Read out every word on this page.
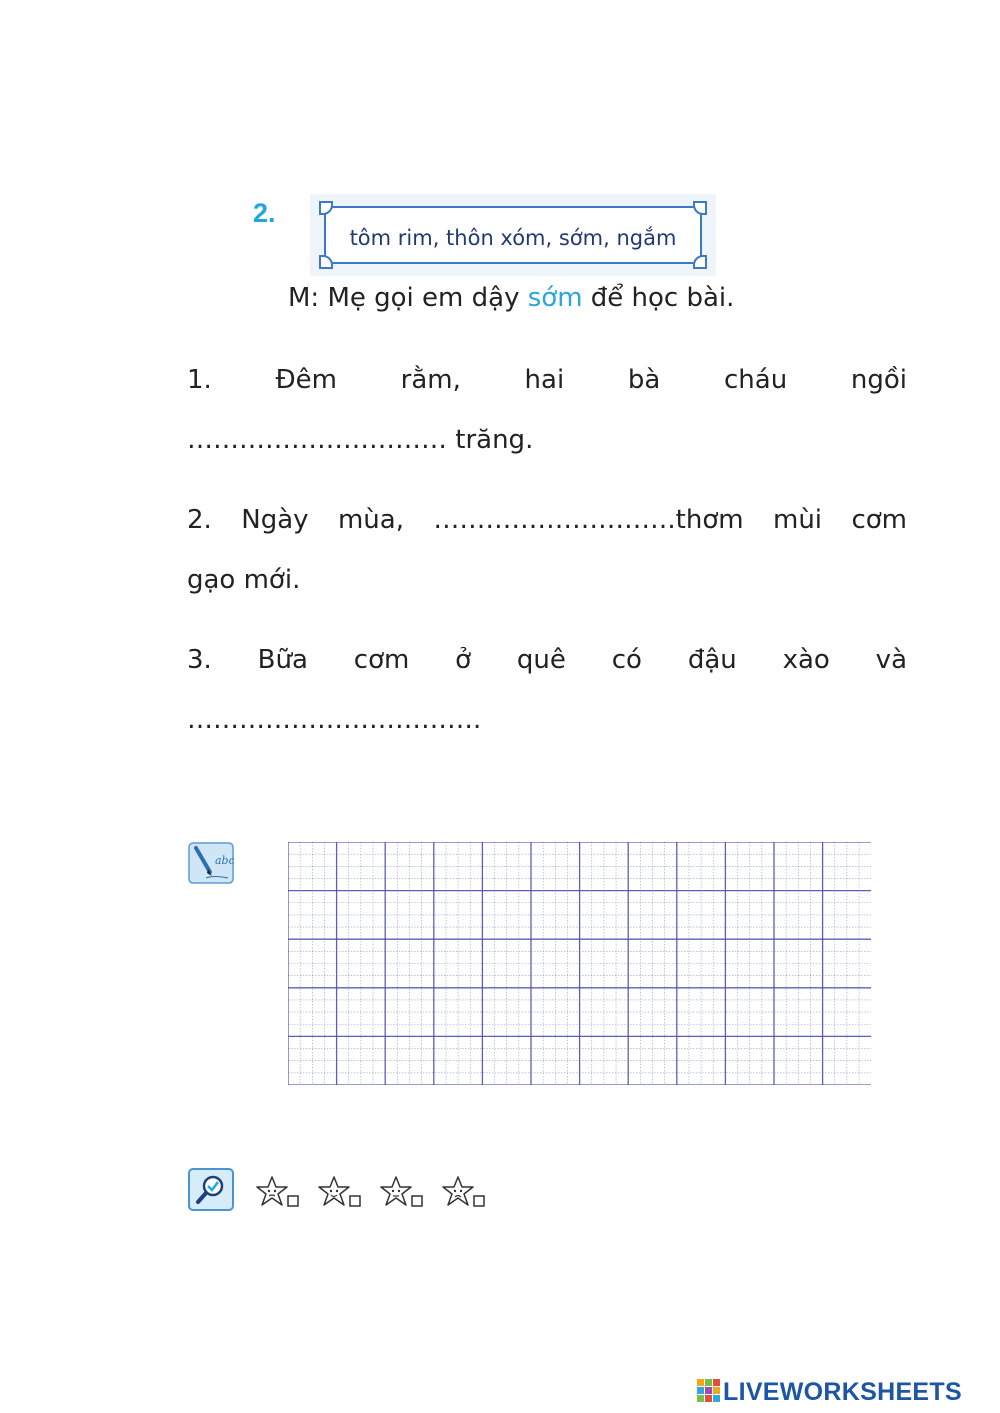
2.
tôm rim, thôn xóm, sớm, ngắm
M: Mẹ gọi em dậy sớm để học bài.
1. Đêm rằm, hai bà cháu ngồi
………………………… trăng.
2. Ngày mùa, ……………………….thơm mùi cơm
gạo mới.
3. Bữa cơm ở quê có đậu xào và
…………………………….
abc
LIVEWORKSHEETS
